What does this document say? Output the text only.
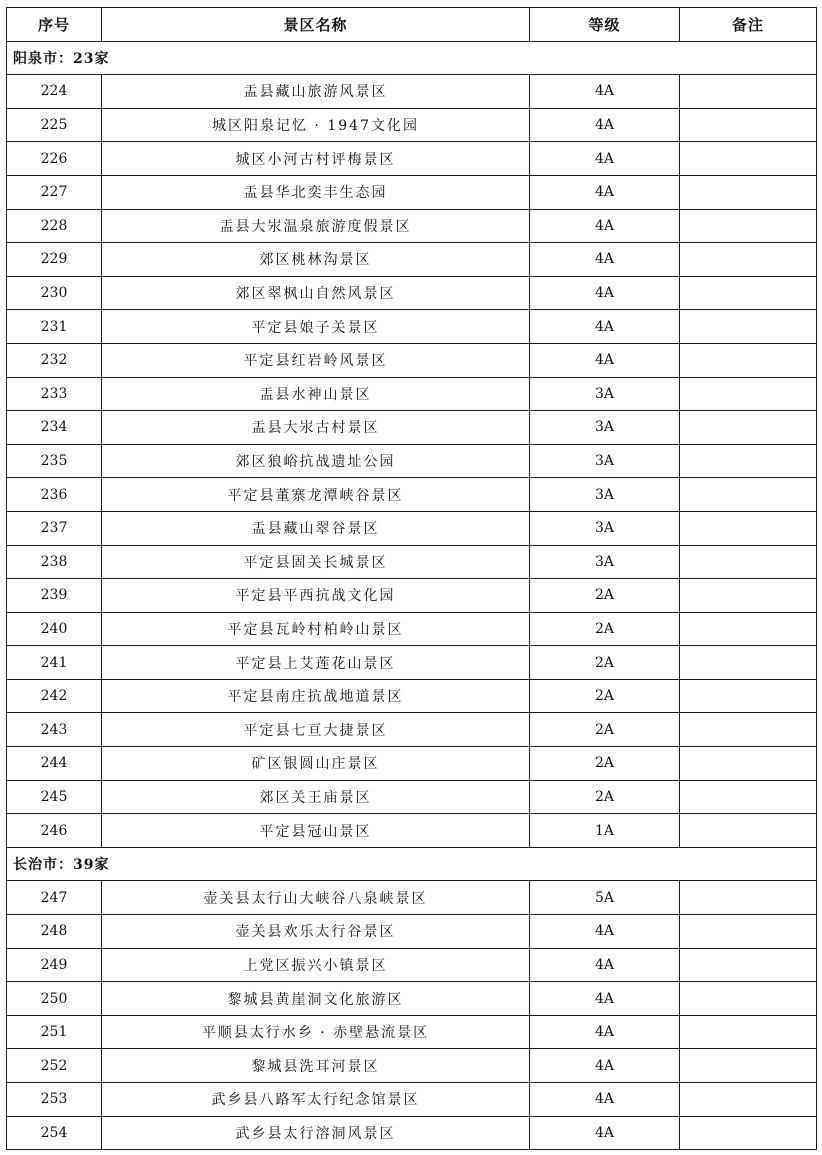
序号	景区名称	等级	备注
阳泉市：23家			
224	盂县藏山旅游风景区	4A	
225	城区阳泉记忆 · 1947文化园	4A	
226	城区小河古村评梅景区	4A	
227	盂县华北奕丰生态园	4A	
228	盂县大汖温泉旅游度假景区	4A	
229	郊区桃林沟景区	4A	
230	郊区翠枫山自然风景区	4A	
231	平定县娘子关景区	4A	
232	平定县红岩岭风景区	4A	
233	盂县水神山景区	3A	
234	盂县大汖古村景区	3A	
235	郊区狼峪抗战遗址公园	3A	
236	平定县董寨龙潭峡谷景区	3A	
237	盂县藏山翠谷景区	3A	
238	平定县固关长城景区	3A	
239	平定县平西抗战文化园	2A	
240	平定县瓦岭村柏岭山景区	2A	
241	平定县上艾莲花山景区	2A	
242	平定县南庄抗战地道景区	2A	
243	平定县七亘大捷景区	2A	
244	矿区银圆山庄景区	2A	
245	郊区关王庙景区	2A	
246	平定县冠山景区	1A	
长治市：39家			
247	壶关县太行山大峡谷八泉峡景区	5A	
248	壶关县欢乐太行谷景区	4A	
249	上党区振兴小镇景区	4A	
250	黎城县黄崖洞文化旅游区	4A	
251	平顺县太行水乡 · 赤壁悬流景区	4A	
252	黎城县洗耳河景区	4A	
253	武乡县八路军太行纪念馆景区	4A	
254	武乡县太行溶洞风景区	4A	
